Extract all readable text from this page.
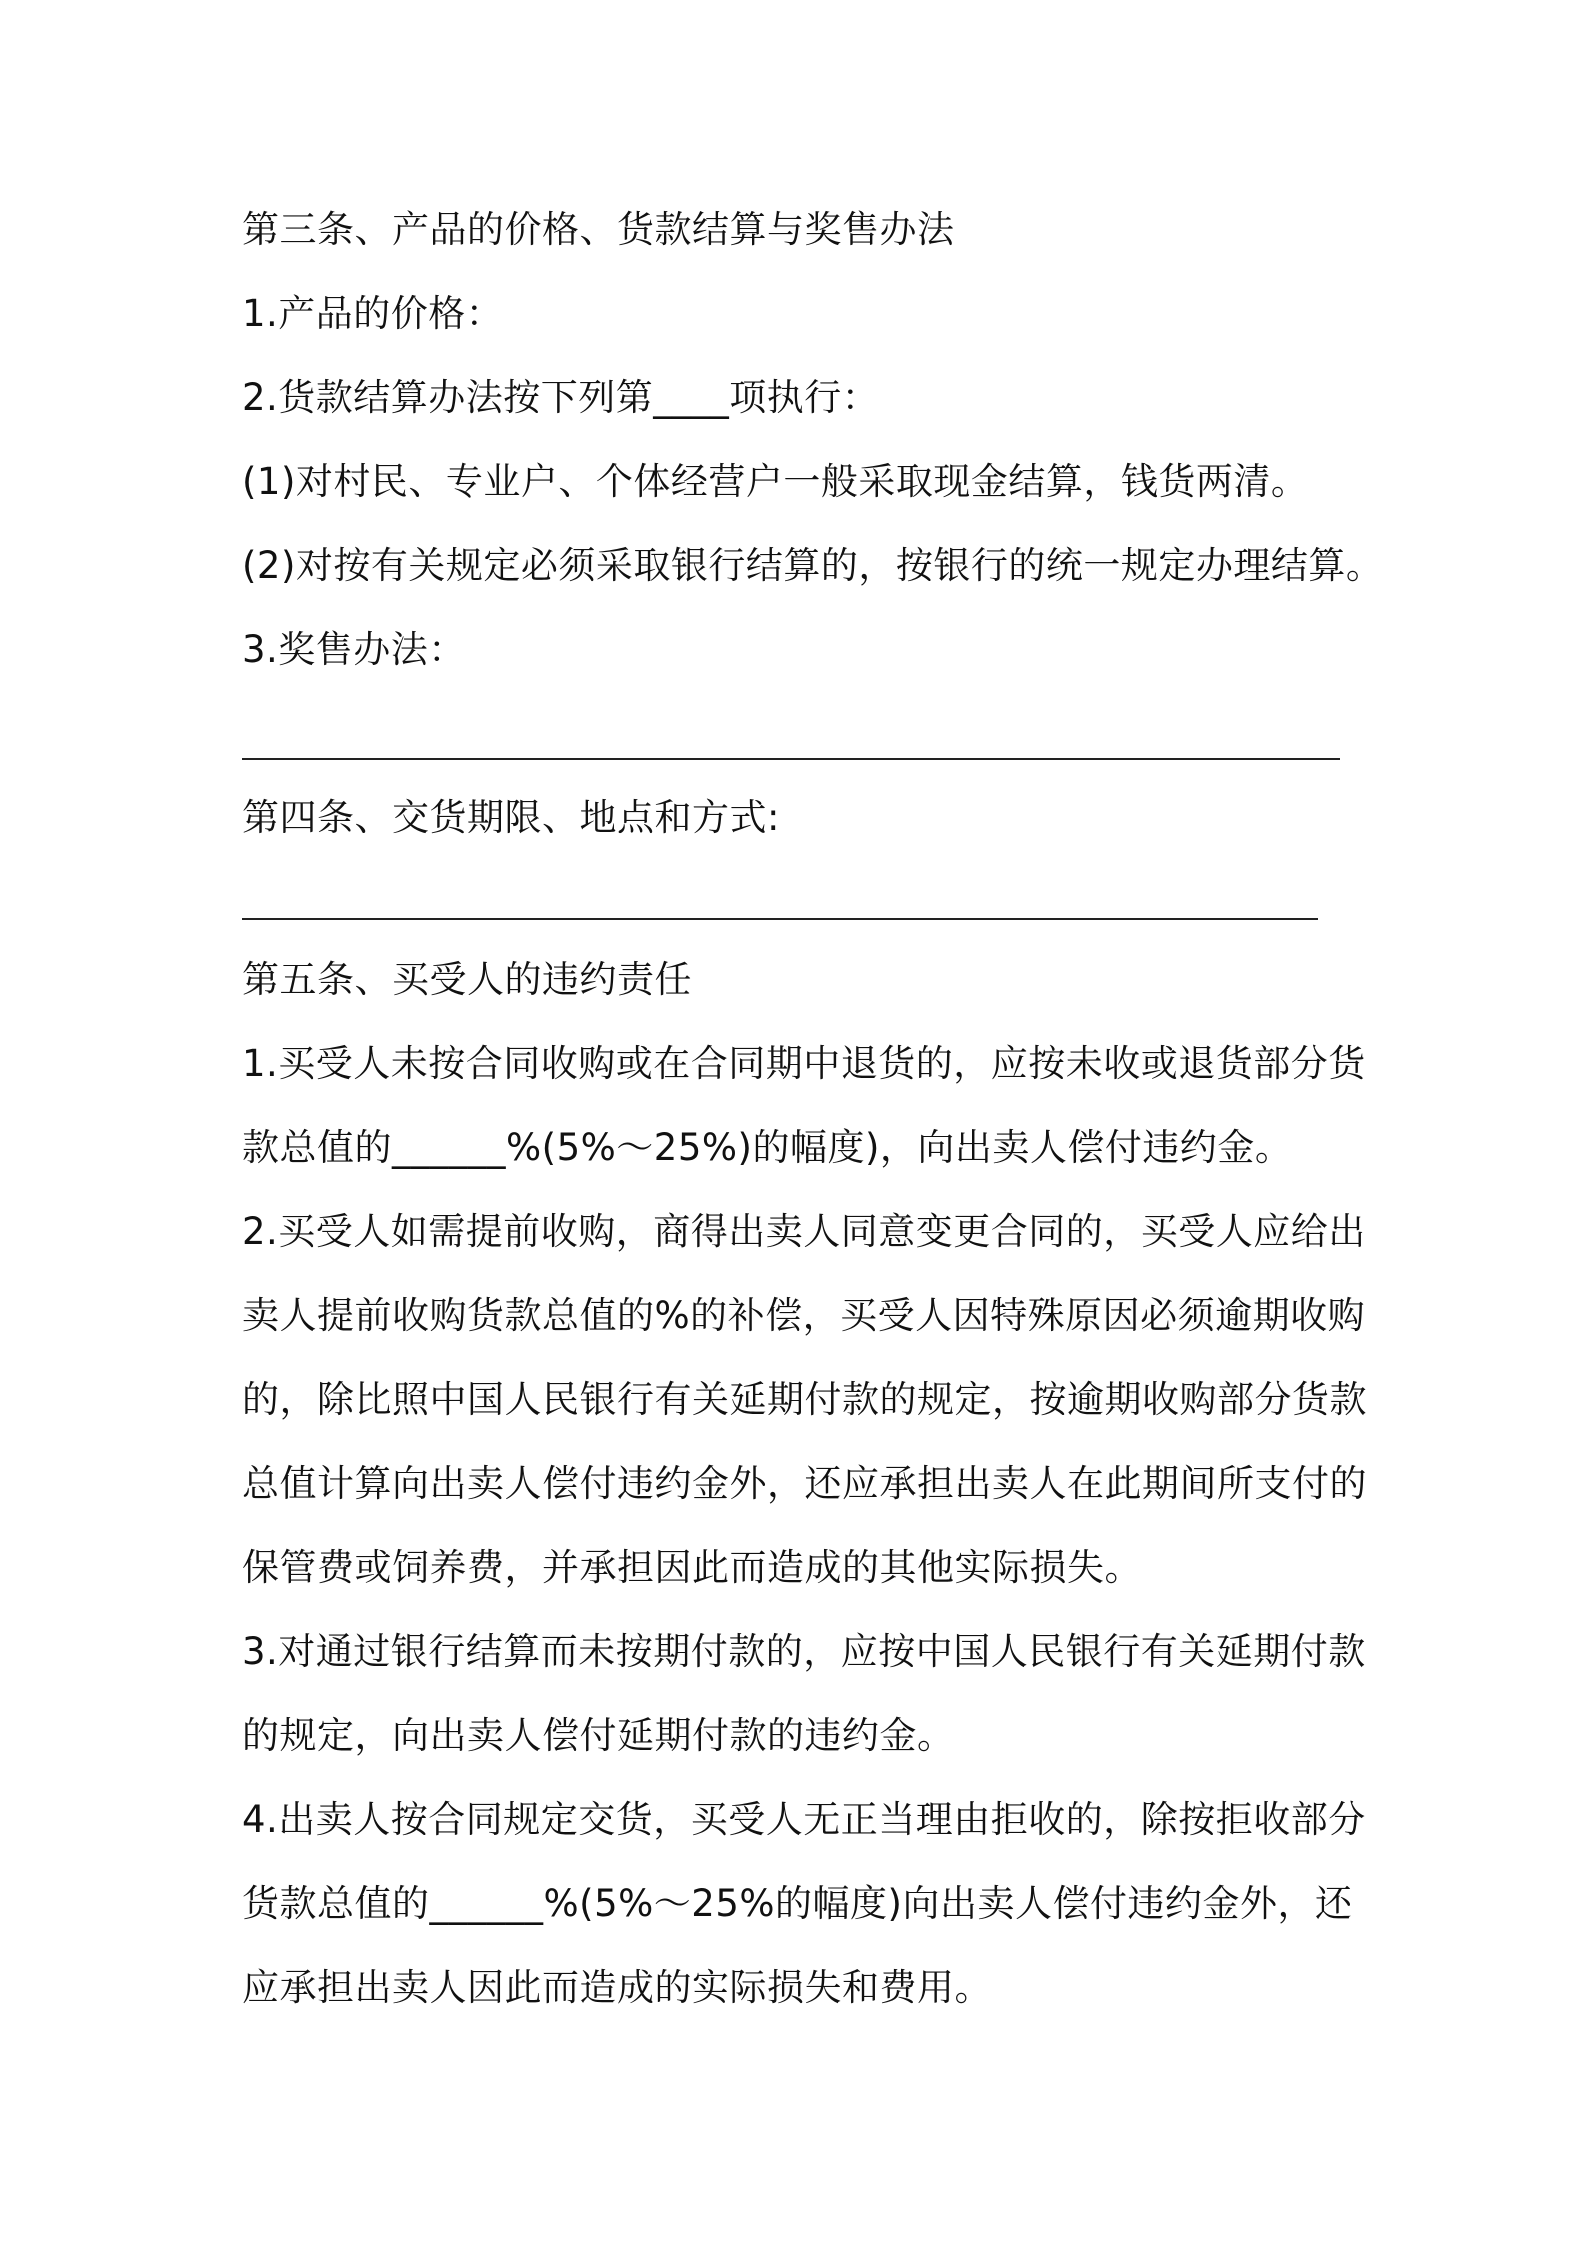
第三条、产品的价格、货款结算与奖售办法
1.产品的价格：
2.货款结算办法按下列第____项执行：
(1)对村民、专业户、个体经营户一般采取现金结算，钱货两清。
(2)对按有关规定必须采取银行结算的，按银行的统一规定办理结算。
3.奖售办法：
第四条、交货期限、地点和方式:
第五条、买受人的违约责任
1.买受人未按合同收购或在合同期中退货的，应按未收或退货部分货
款总值的______%(5%～25%)的幅度)，向出卖人偿付违约金。
2.买受人如需提前收购，商得出卖人同意变更合同的，买受人应给出
卖人提前收购货款总值的%的补偿，买受人因特殊原因必须逾期收购
的，除比照中国人民银行有关延期付款的规定，按逾期收购部分货款
总值计算向出卖人偿付违约金外，还应承担出卖人在此期间所支付的
保管费或饲养费，并承担因此而造成的其他实际损失。
3.对通过银行结算而未按期付款的，应按中国人民银行有关延期付款
的规定，向出卖人偿付延期付款的违约金。
4.出卖人按合同规定交货，买受人无正当理由拒收的，除按拒收部分
货款总值的______%(5%～25%的幅度)向出卖人偿付违约金外，还
应承担出卖人因此而造成的实际损失和费用。
